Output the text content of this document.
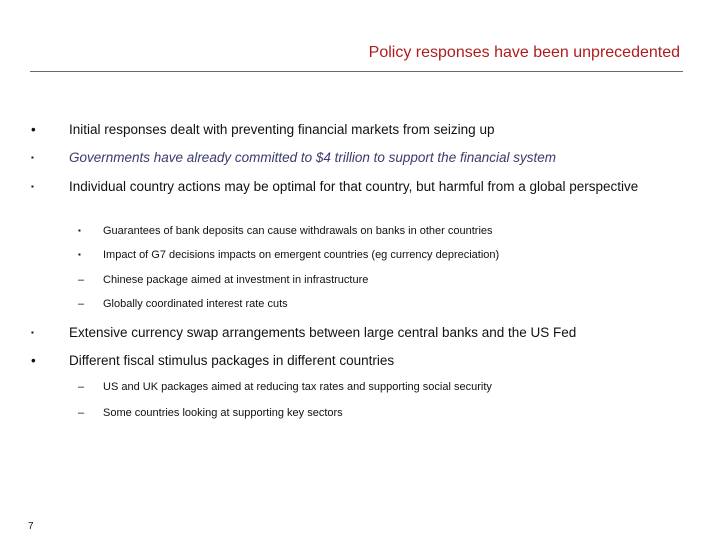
Policy responses have been unprecedented
•	Initial responses dealt with preventing financial markets from seizing up
▪	Governments have already committed to $4 trillion to support the financial system
▪	Individual country actions may be optimal for that country, but harmful from a global perspective
▪	Guarantees of bank deposits can cause withdrawals on banks in other countries
▪	Impact of G7 decisions impacts on emergent countries (eg currency depreciation)
–	Chinese package aimed at investment in infrastructure
–	Globally coordinated interest rate cuts
▪	Extensive currency swap arrangements between large central banks and the US Fed
•	Different fiscal stimulus packages in different countries
–	US and UK packages aimed at reducing tax rates and supporting social security
–	Some countries looking at supporting key sectors
7
